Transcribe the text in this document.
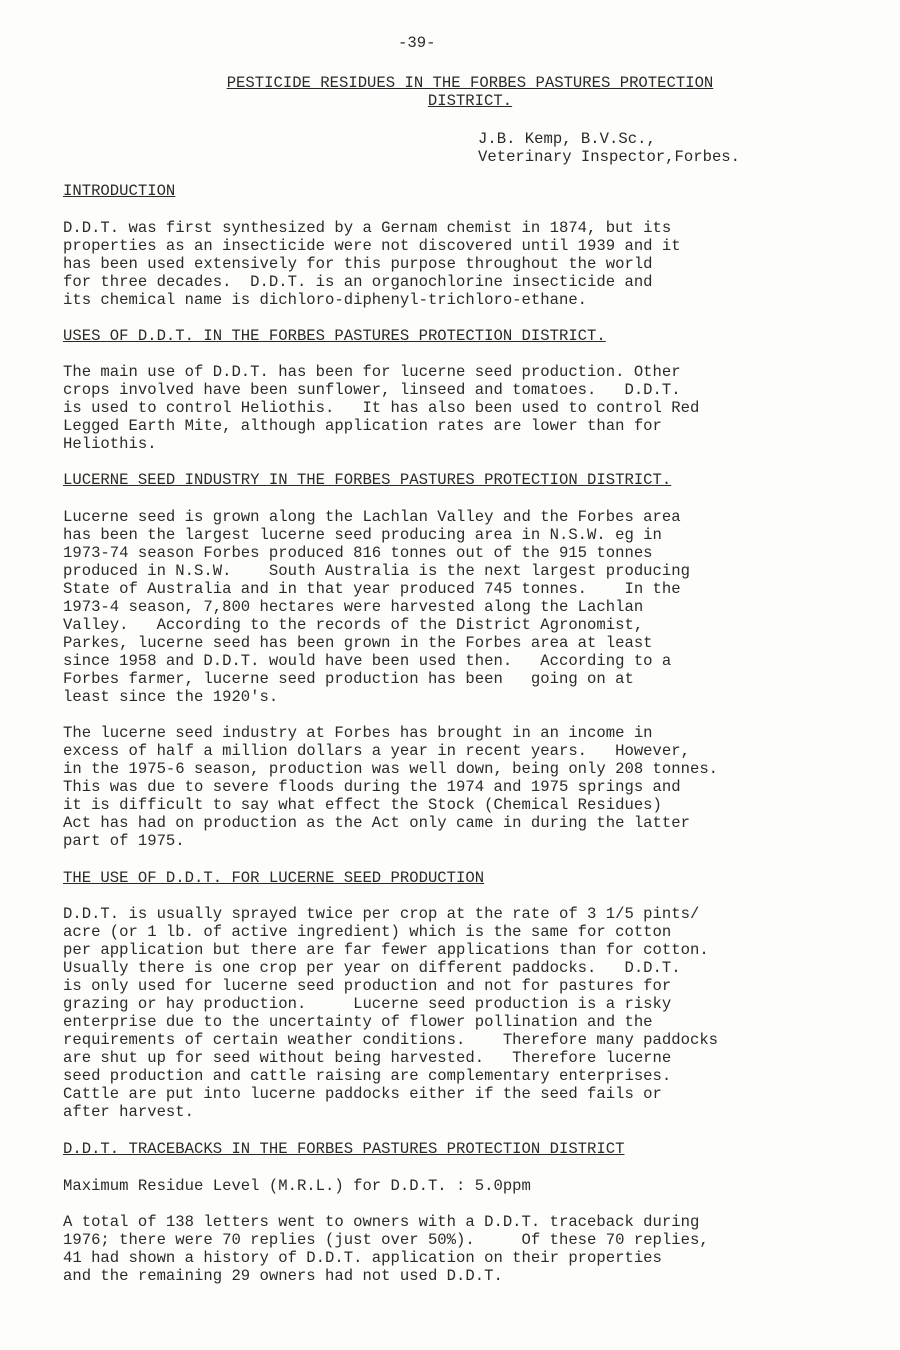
-39-
PESTICIDE RESIDUES IN THE FORBES PASTURES PROTECTION
DISTRICT.
J.B. Kemp, B.V.Sc.,
Veterinary Inspector,Forbes.
INTRODUCTION
D.D.T. was first synthesized by a Gernam chemist in 1874, but its
properties as an insecticide were not discovered until 1939 and it
has been used extensively for this purpose throughout the world
for three decades.  D.D.T. is an organochlorine insecticide and
its chemical name is dichloro-diphenyl-trichloro-ethane.
USES OF D.D.T. IN THE FORBES PASTURES PROTECTION DISTRICT.
The main use of D.D.T. has been for lucerne seed production. Other
crops involved have been sunflower, linseed and tomatoes.   D.D.T.
is used to control Heliothis.   It has also been used to control Red
Legged Earth Mite, although application rates are lower than for
Heliothis.
LUCERNE SEED INDUSTRY IN THE FORBES PASTURES PROTECTION DISTRICT.
Lucerne seed is grown along the Lachlan Valley and the Forbes area
has been the largest lucerne seed producing area in N.S.W. eg in
1973-74 season Forbes produced 816 tonnes out of the 915 tonnes
produced in N.S.W.    South Australia is the next largest producing
State of Australia and in that year produced 745 tonnes.    In the
1973-4 season, 7,800 hectares were harvested along the Lachlan
Valley.   According to the records of the District Agronomist,
Parkes, lucerne seed has been grown in the Forbes area at least
since 1958 and D.D.T. would have been used then.   According to a
Forbes farmer, lucerne seed production has been   going on at
least since the 1920's.
The lucerne seed industry at Forbes has brought in an income in
excess of half a million dollars a year in recent years.   However,
in the 1975-6 season, production was well down, being only 208 tonnes.
This was due to severe floods during the 1974 and 1975 springs and
it is difficult to say what effect the Stock (Chemical Residues)
Act has had on production as the Act only came in during the latter
part of 1975.
THE USE OF D.D.T. FOR LUCERNE SEED PRODUCTION
D.D.T. is usually sprayed twice per crop at the rate of 3 1/5 pints/
acre (or 1 lb. of active ingredient) which is the same for cotton
per application but there are far fewer applications than for cotton.
Usually there is one crop per year on different paddocks.   D.D.T.
is only used for lucerne seed production and not for pastures for
grazing or hay production.     Lucerne seed production is a risky
enterprise due to the uncertainty of flower pollination and the
requirements of certain weather conditions.    Therefore many paddocks
are shut up for seed without being harvested.   Therefore lucerne
seed production and cattle raising are complementary enterprises.
Cattle are put into lucerne paddocks either if the seed fails or
after harvest.
D.D.T. TRACEBACKS IN THE FORBES PASTURES PROTECTION DISTRICT
Maximum Residue Level (M.R.L.) for D.D.T. : 5.0ppm
A total of 138 letters went to owners with a D.D.T. traceback during
1976; there were 70 replies (just over 50%).     Of these 70 replies,
41 had shown a history of D.D.T. application on their properties
and the remaining 29 owners had not used D.D.T.
